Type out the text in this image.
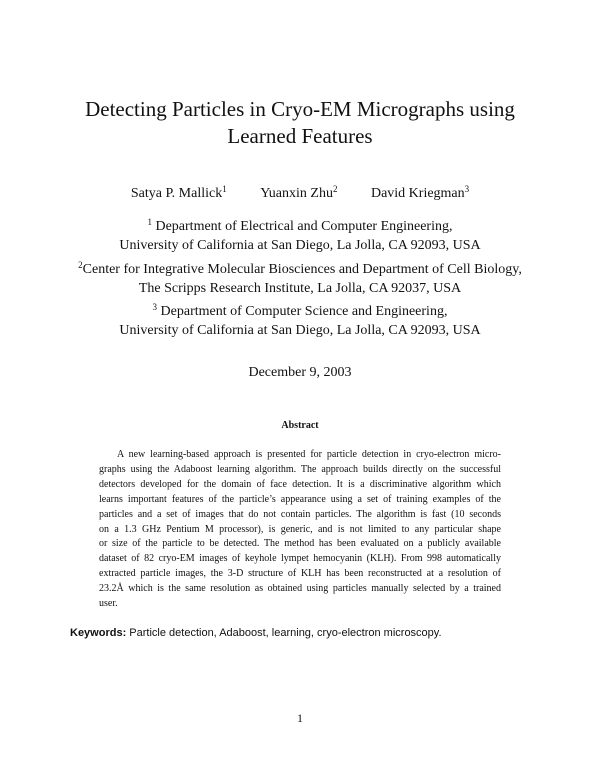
Detecting Particles in Cryo-EM Micrographs using
Learned Features
Satya P. Mallick$^1$ Yuanxin Zhu$^2$ David Kriegman$^3$
$^1$ Department of Electrical and Computer Engineering,
University of California at San Diego, La Jolla, CA 92093, USA
$^2$Center for Integrative Molecular Biosciences and Department of Cell Biology,
The Scripps Research Institute, La Jolla, CA 92037, USA
$^3$ Department of Computer Science and Engineering,
University of California at San Diego, La Jolla, CA 92093, USA
December 9, 2003
Abstract
A new learning-based approach is presented for particle detection in cryo-electron micro-
graphs using the Adaboost learning algorithm. The approach builds directly on the successful
detectors developed for the domain of face detection. It is a discriminative algorithm which
learns important features of the particle’s appearance using a set of training examples of the
particles and a set of images that do not contain particles. The algorithm is fast (10 seconds
on a 1.3 GHz Pentium M processor), is generic, and is not limited to any particular shape
or size of the particle to be detected. The method has been evaluated on a publicly available
dataset of 82 cryo-EM images of keyhole lympet hemocyanin (KLH). From 998 automatically
extracted particle images, the 3-D structure of KLH has been reconstructed at a resolution of
23.2Å which is the same resolution as obtained using particles manually selected by a trained
user.
Keywords: Particle detection, Adaboost, learning, cryo-electron microscopy.
1
